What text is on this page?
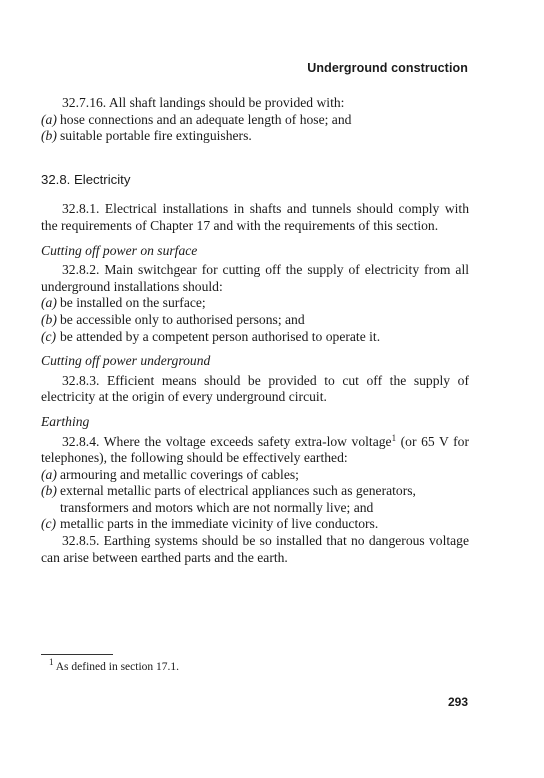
Underground construction

32.7.16. All shaft landings should be provided with:

(a) hose connections and an adequate length of hose; and
(b) suitable portable fire extinguishers.
32.8. Electricity

32.8.1. Electrical installations in shafts and tunnels should comply with the requirements of Chapter 17 and with the requirements of this section.

Cutting off power on surface

32.8.2. Main switchgear for cutting off the supply of electricity from all underground installations should:

(a) be installed on the surface;
(b) be accessible only to authorised persons; and
(c) be attended by a competent person authorised to operate it.
Cutting off power underground

32.8.3. Efficient means should be provided to cut off the supply of electricity at the origin of every underground circuit.

Earthing

32.8.4. Where the voltage exceeds safety extra-low voltage$^1$ (or 65 V for telephones), the following should be effectively earthed:

(a) armouring and metallic coverings of cables;
(b) external metallic parts of electrical appliances such as generators, transformers and motors which are not normally live; and
(c) metallic parts in the immediate vicinity of live conductors.

32.8.5. Earthing systems should be so installed that no dangerous voltage can arise between earthed parts and the earth.

$^1$ As defined in section 17.1.
293
